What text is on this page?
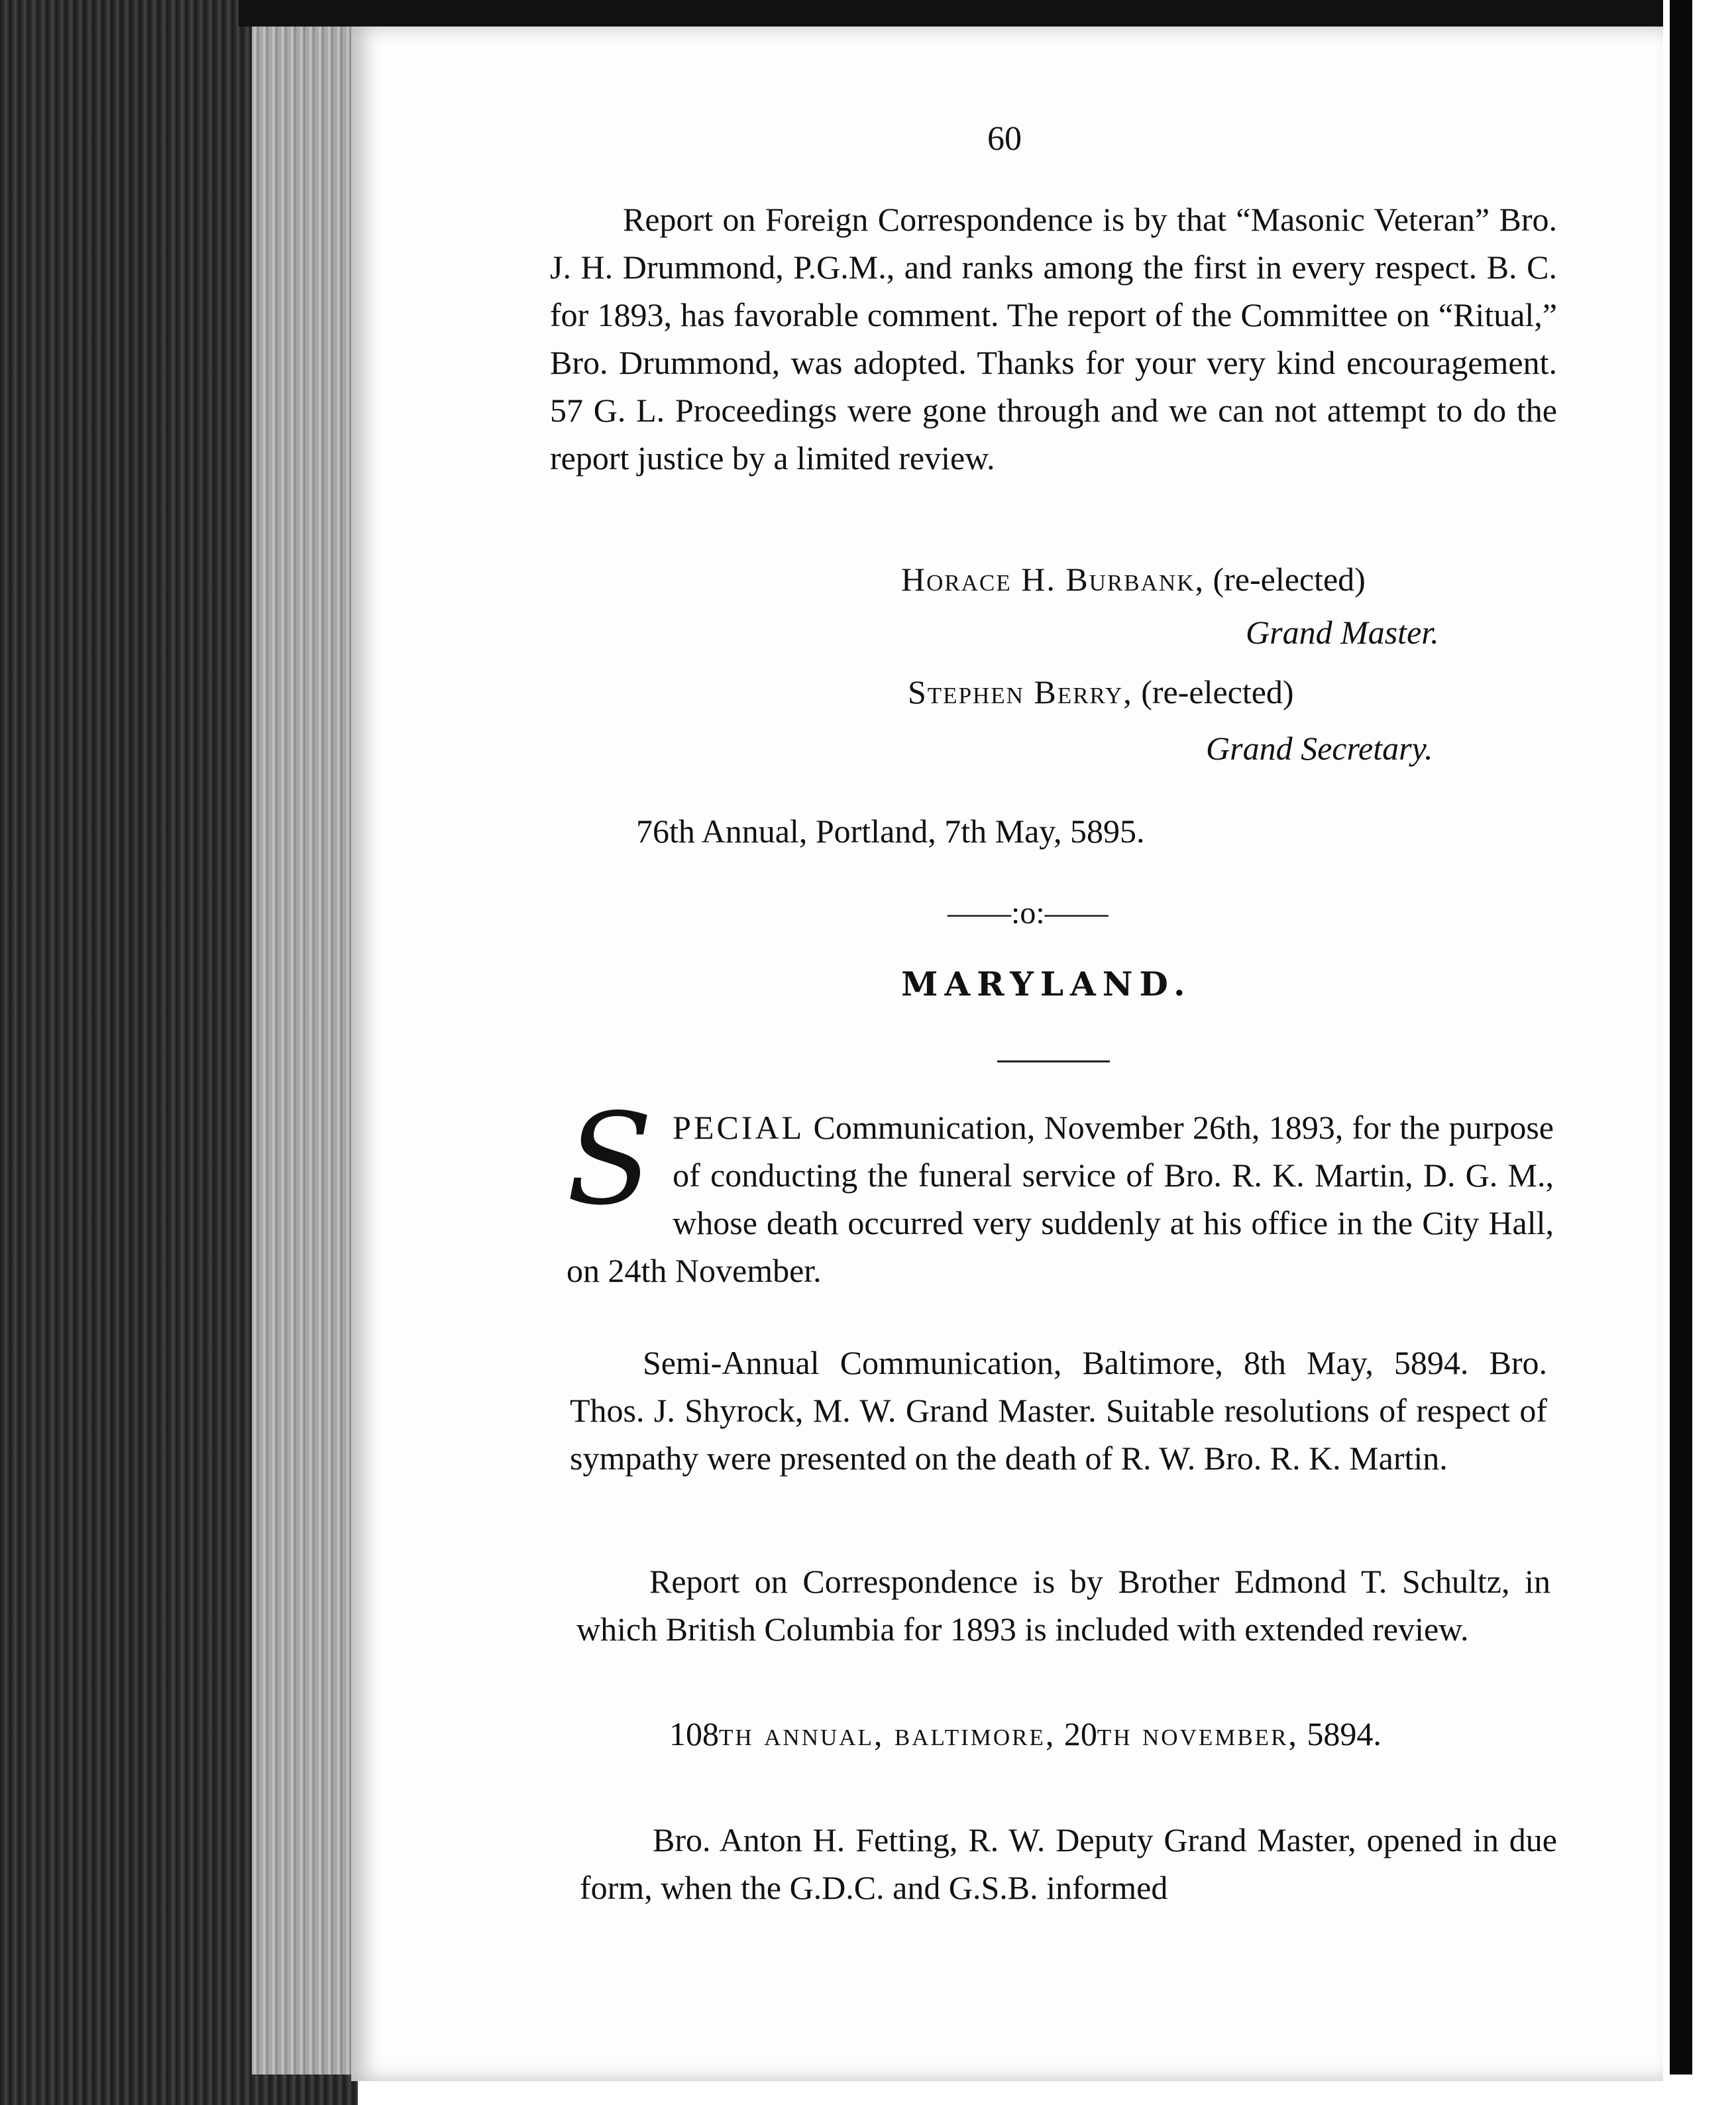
60

Report on Foreign Correspondence is by that “Masonic Veteran” Bro. J. H. Drummond, P.G.M., and ranks among the first in every respect. B. C. for 1893, has favorable comment. The report of the Committee on “Ritual,” Bro. Drummond, was adopted. Thanks for your very kind encouragement. 57 G. L. Proceedings were gone through and we can not attempt to do the report justice by a limited review.

Horace H. Burbank, (re-elected)
Grand Master.
Stephen Berry, (re-elected)
Grand Secretary.
76th Annual, Portland, 7th May, 5895.
——:o:——
MARYLAND.

S PECIAL Communication, November 26th, 1893, for the purpose of conducting the funeral service of Bro. R. K. Martin, D. G. M., whose death occurred very suddenly at his office in the City Hall, on 24th November.

Semi-Annual Communication, Baltimore, 8th May, 5894. Bro. Thos. J. Shyrock, M. W. Grand Master. Suitable resolutions of respect of sympathy were presented on the death of R. W. Bro. R. K. Martin.

Report on Correspondence is by Brother Edmond T. Schultz, in which British Columbia for 1893 is included with extended review.

108th annual, baltimore, 20th november, 5894.

Bro. Anton H. Fetting, R. W. Deputy Grand Master, opened in due form, when the G.D.C. and G.S.B. informed
